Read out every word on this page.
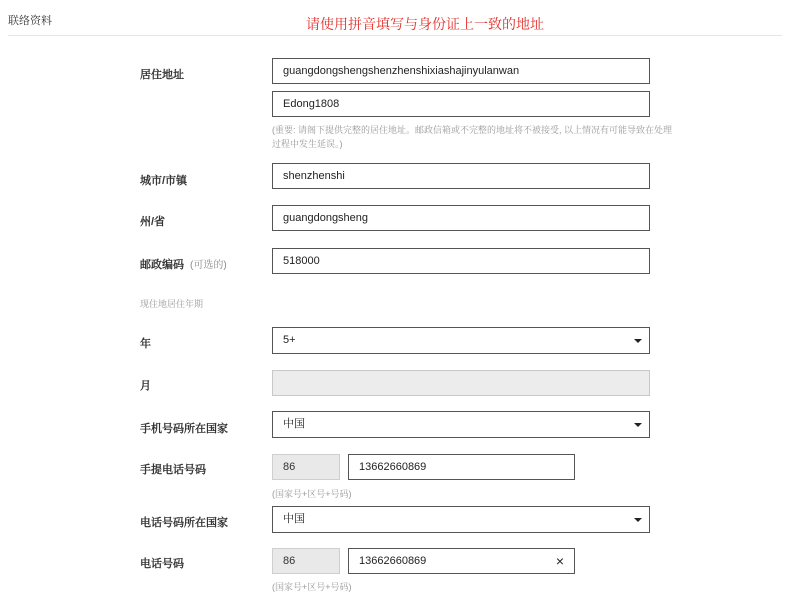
联络资料	请使用拼音填写与身份证上一致的地址
居住地址	guangdongshengshenzhenshixiashajinyulanwan
Edong1808
(重要: 请阁下提供完整的居住地址。邮政信箱或不完整的地址将不被接受, 以上情况有可能导致在处理
过程中发生延误。)
城市/市镇	shenzhenshi
州/省	guangdongsheng
邮政编码 (可选的)	518000
现住地居住年期
年	5+
月
手机号码所在国家	中国
手提电话号码	86	13662660869
(国家号+区号+号码)
电话号码所在国家	中国
电话号码	86	13662660869	×
(国家号+区号+号码)
